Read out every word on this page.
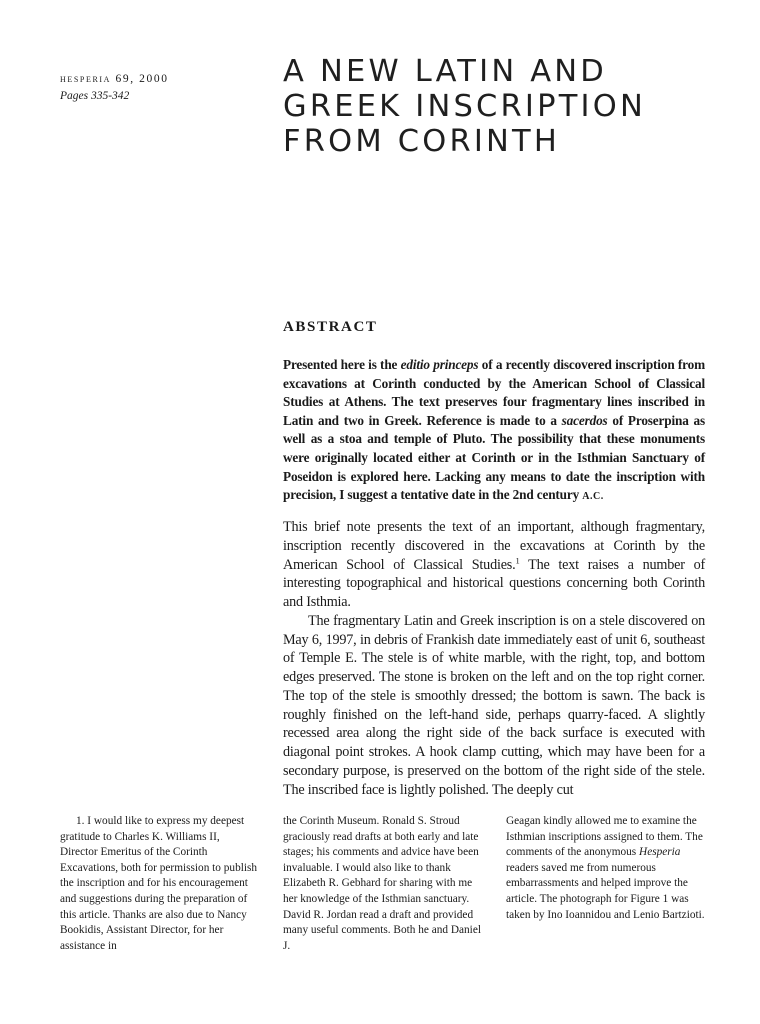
hesperia 69, 2000

Pages 335-342

A NEW LATIN AND
GREEK INSCRIPTION
FROM CORINTH
ABSTRACT

Presented here is the editio princeps of a recently discovered inscription from excavations at Corinth conducted by the American School of Classical Studies at Athens. The text preserves four fragmentary lines inscribed in Latin and two in Greek. Reference is made to a sacerdos of Proserpina as well as a stoa and temple of Pluto. The possibility that these monuments were originally located either at Corinth or in the Isthmian Sanctuary of Poseidon is explored here. Lacking any means to date the inscription with precision, I suggest a tentative date in the 2nd century A.C.

This brief note presents the text of an important, although fragmentary, inscription recently discovered in the excavations at Corinth by the American School of Classical Studies.$^1$ The text raises a number of interesting topographical and historical questions concerning both Corinth and Isthmia.

The fragmentary Latin and Greek inscription is on a stele discovered on May 6, 1997, in debris of Frankish date immediately east of unit 6, southeast of Temple E. The stele is of white marble, with the right, top, and bottom edges preserved. The stone is broken on the left and on the top right corner. The top of the stele is smoothly dressed; the bottom is sawn. The back is roughly finished on the left-hand side, perhaps quarry-faced. A slightly recessed area along the right side of the back surface is executed with diagonal point strokes. A hook clamp cutting, which may have been for a secondary purpose, is preserved on the bottom of the right side of the stele. The inscribed face is lightly polished. The deeply cut

1. I would like to express my deepest gratitude to Charles K. Williams II, Director Emeritus of the Corinth Excavations, both for permission to publish the inscription and for his encouragement and suggestions during the preparation of this article. Thanks are also due to Nancy Bookidis, Assistant Director, for her assistance in

the Corinth Museum. Ronald S. Stroud graciously read drafts at both early and late stages; his comments and advice have been invaluable. I would also like to thank Elizabeth R. Gebhard for sharing with me her knowledge of the Isthmian sanctuary. David R. Jordan read a draft and provided many useful comments. Both he and Daniel J.

Geagan kindly allowed me to examine the Isthmian inscriptions assigned to them. The comments of the anonymous Hesperia readers saved me from numerous embarrassments and helped improve the article. The photograph for Figure 1 was taken by Ino Ioannidou and Lenio Bartzioti.
